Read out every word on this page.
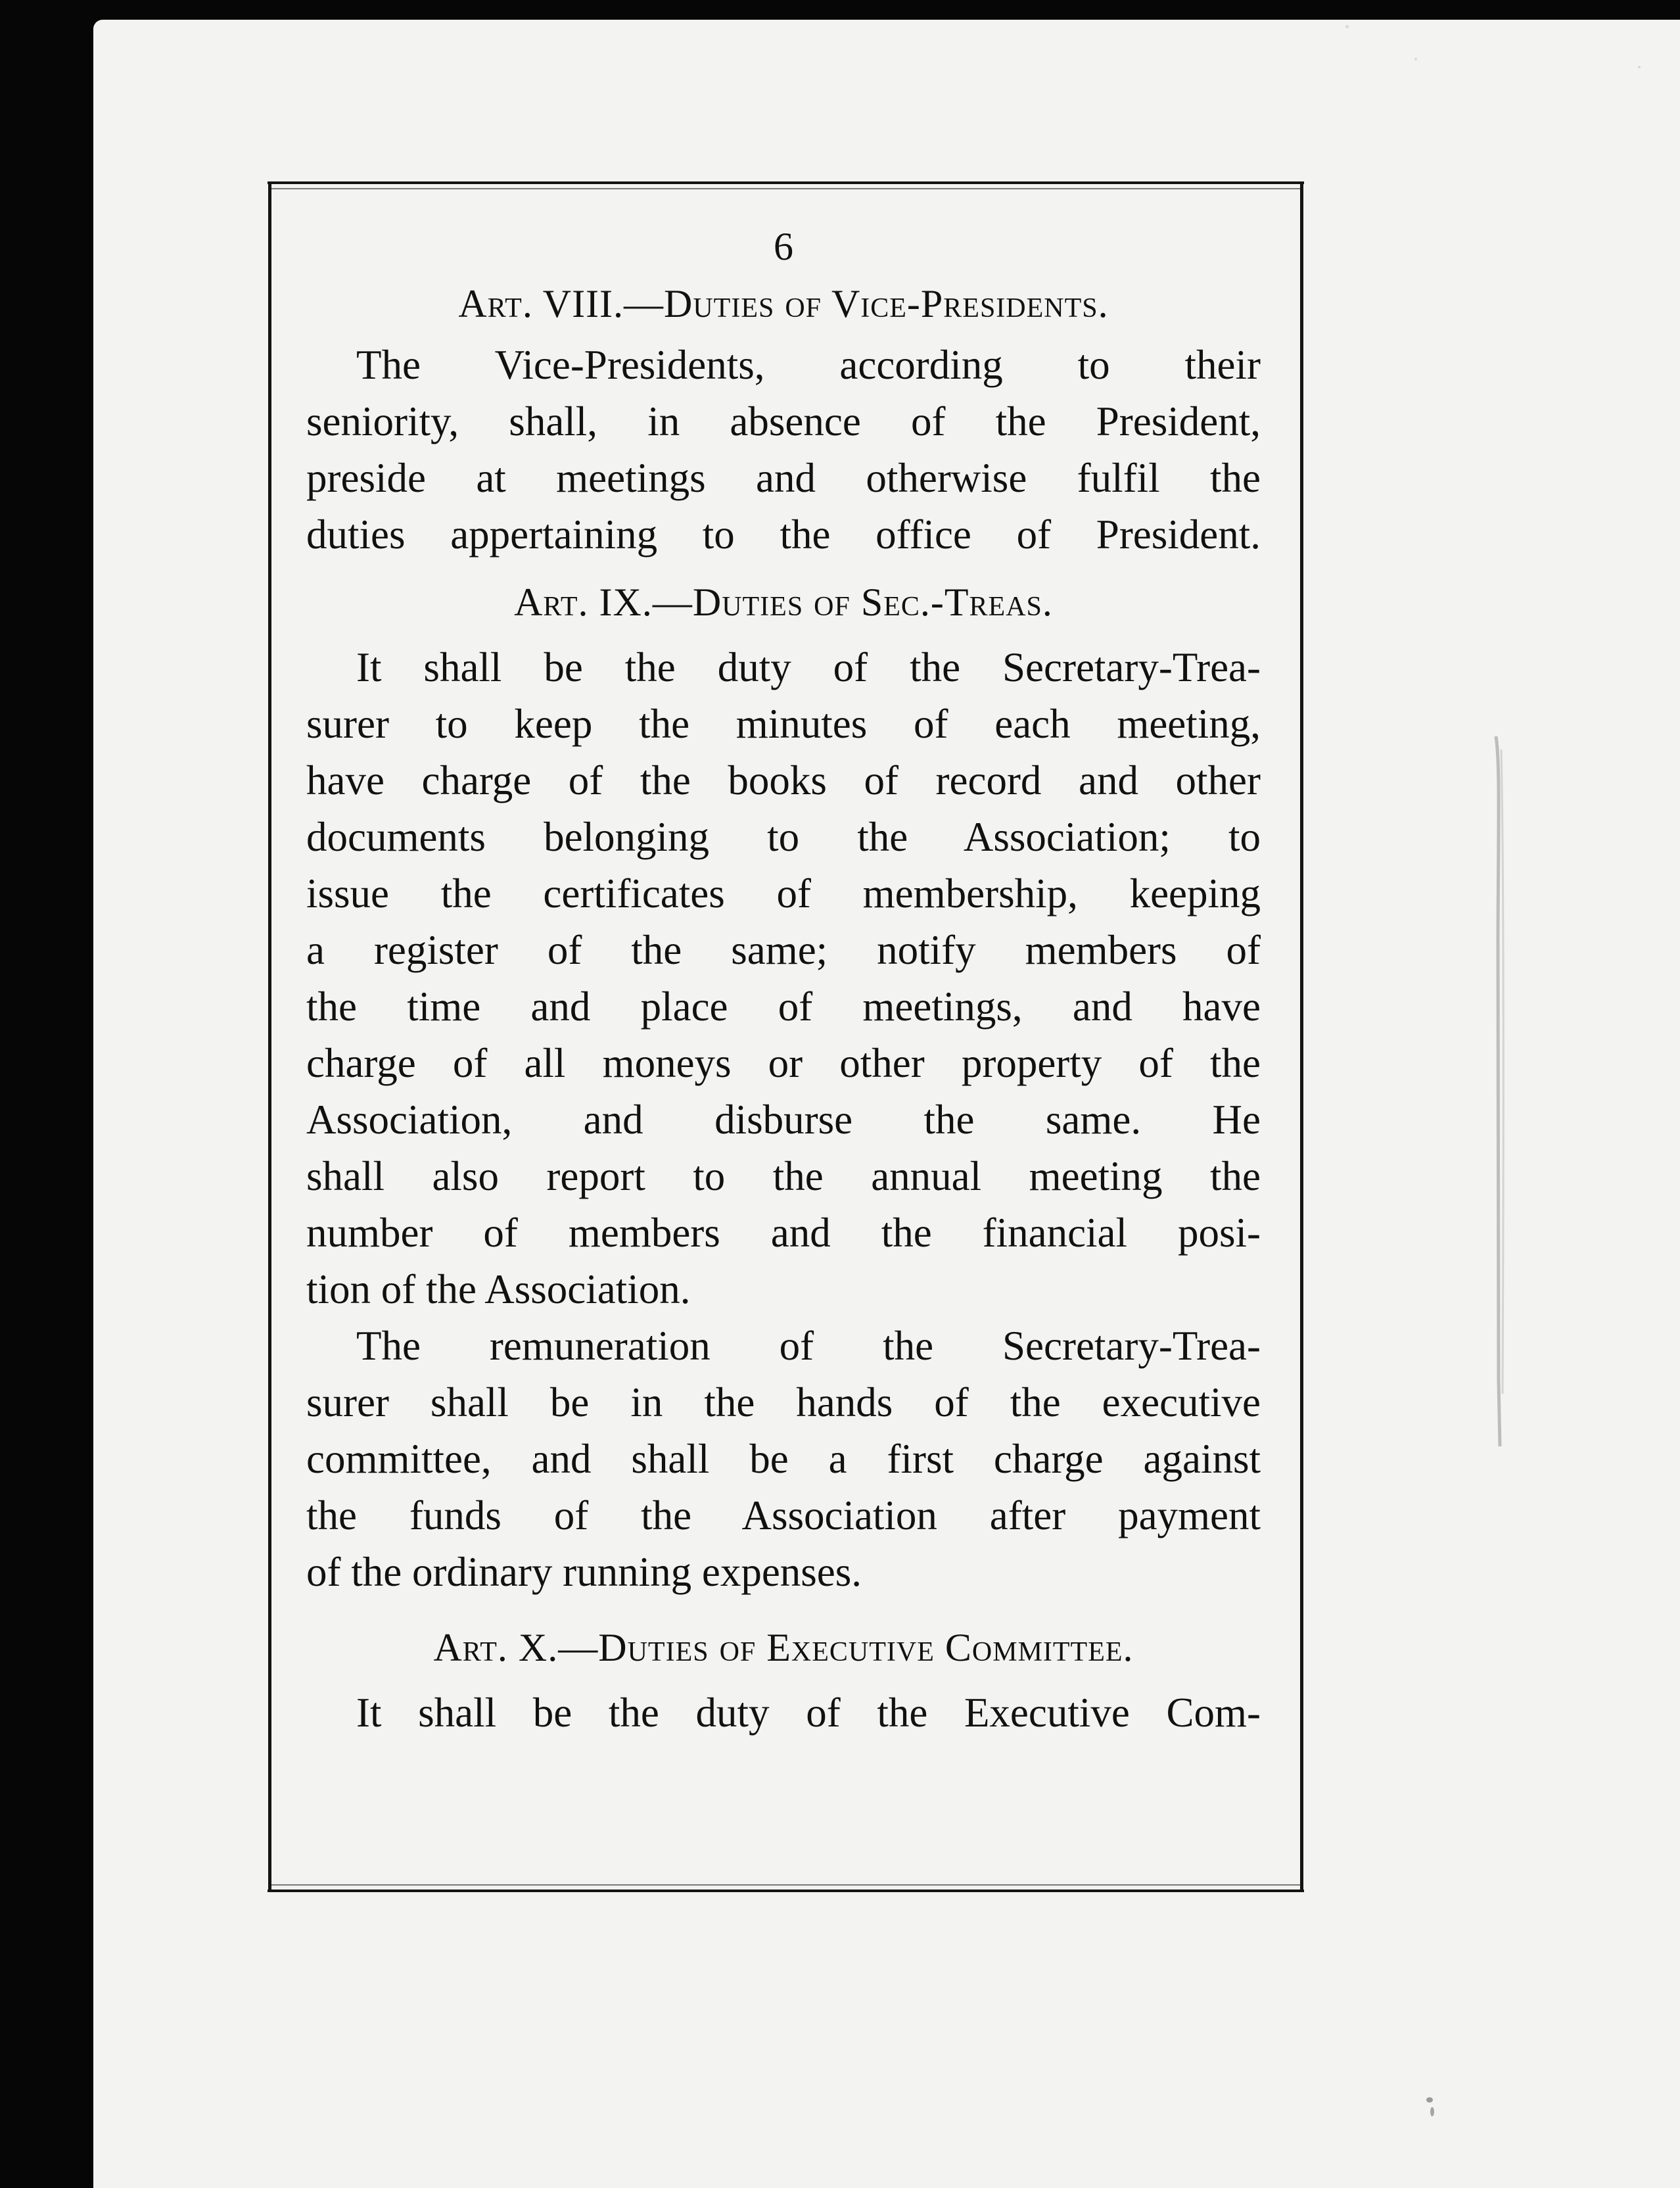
6
Art. VIII.—Duties of Vice-Presidents.
The Vice-Presidents, according to their
seniority, shall, in absence of the President,
preside at meetings and otherwise fulfil the
duties appertaining to the office of President.
Art. IX.—Duties of Sec.-Treas.
It shall be the duty of the Secretary-Trea-
surer to keep the minutes of each meeting,
have charge of the books of record and other
documents belonging to the Association; to
issue the certificates of membership, keeping
a register of the same; notify members of
the time and place of meetings, and have
charge of all moneys or other property of the
Association, and disburse the same. He
shall also report to the annual meeting the
number of members and the financial posi-
tion of the Association.
The remuneration of the Secretary-Trea-
surer shall be in the hands of the executive
committee, and shall be a first charge against
the funds of the Association after payment
of the ordinary running expenses.
Art. X.—Duties of Executive Committee.
It shall be the duty of the Executive Com-
